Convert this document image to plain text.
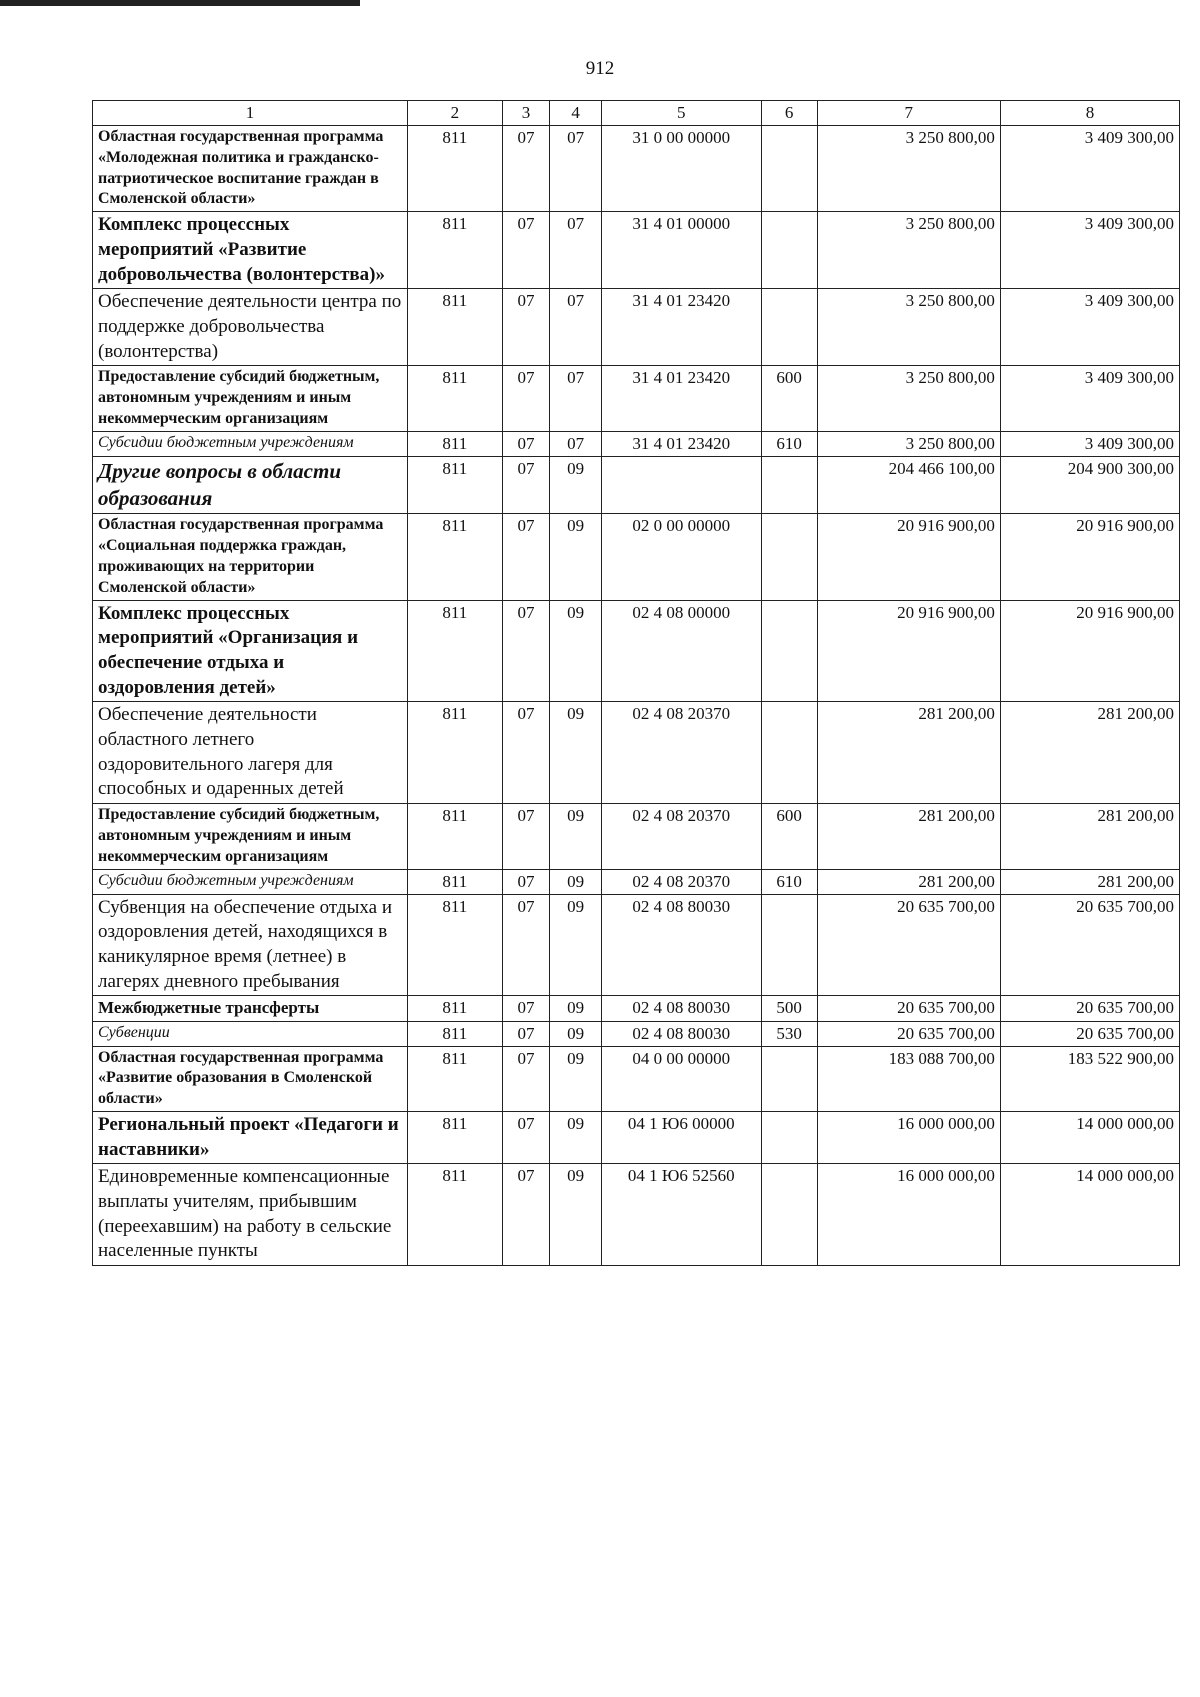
912
1	2	3	4	5	6	7	8
Областная государственная программа «Молодежная политика и гражданско-патриотическое воспитание граждан в Смоленской области»	811	07	07	31 0 00 00000		3 250 800,00	3 409 300,00
Комплекс процессных мероприятий «Развитие добровольчества (волонтерства)»	811	07	07	31 4 01 00000		3 250 800,00	3 409 300,00
Обеспечение деятельности центра по поддержке добровольчества (волонтерства)	811	07	07	31 4 01 23420		3 250 800,00	3 409 300,00
Предоставление субсидий бюджетным, автономным учреждениям и иным некоммерческим организациям	811	07	07	31 4 01 23420	600	3 250 800,00	3 409 300,00
Субсидии бюджетным учреждениям	811	07	07	31 4 01 23420	610	3 250 800,00	3 409 300,00
Другие вопросы в области образования	811	07	09			204 466 100,00	204 900 300,00
Областная государственная программа «Социальная поддержка граждан, проживающих на территории Смоленской области»	811	07	09	02 0 00 00000		20 916 900,00	20 916 900,00
Комплекс процессных мероприятий «Организация и обеспечение отдыха и оздоровления детей»	811	07	09	02 4 08 00000		20 916 900,00	20 916 900,00
Обеспечение деятельности областного летнего оздоровительного лагеря для способных и одаренных детей	811	07	09	02 4 08 20370		281 200,00	281 200,00
Предоставление субсидий бюджетным, автономным учреждениям и иным некоммерческим организациям	811	07	09	02 4 08 20370	600	281 200,00	281 200,00
Субсидии бюджетным учреждениям	811	07	09	02 4 08 20370	610	281 200,00	281 200,00
Субвенция на обеспечение отдыха и оздоровления детей, находящихся в каникулярное время (летнее) в лагерях дневного пребывания	811	07	09	02 4 08 80030		20 635 700,00	20 635 700,00
Межбюджетные трансферты	811	07	09	02 4 08 80030	500	20 635 700,00	20 635 700,00
Субвенции	811	07	09	02 4 08 80030	530	20 635 700,00	20 635 700,00
Областная государственная программа «Развитие образования в Смоленской области»	811	07	09	04 0 00 00000		183 088 700,00	183 522 900,00
Региональный проект «Педагоги и наставники»	811	07	09	04 1 Ю6 00000		16 000 000,00	14 000 000,00
Единовременные компенсационные выплаты учителям, прибывшим (переехавшим) на работу в сельские населенные пункты	811	07	09	04 1 Ю6 52560		16 000 000,00	14 000 000,00
